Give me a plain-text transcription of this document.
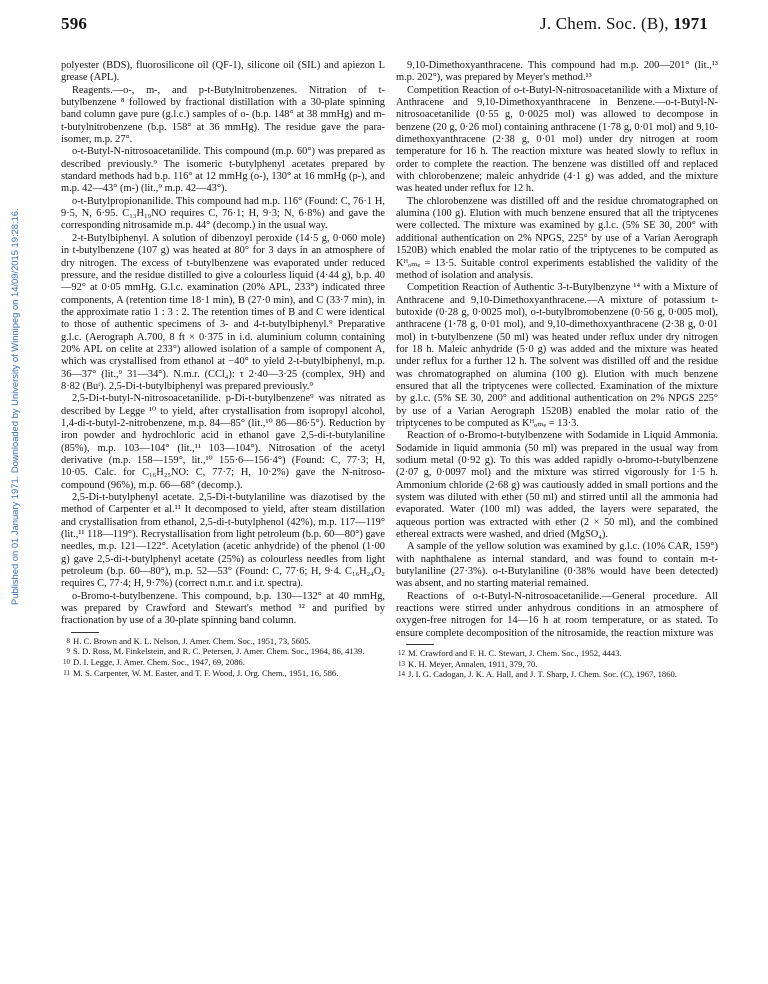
596	J. Chem. Soc. (B), 1971
Published on 01 January 1971. Downloaded by University of Winnipeg on 14/09/2015 19:28:16.

polyester (BDS), fluorosilicone oil (QF-1), silicone oil (SIL) and apiezon L grease (APL).

Reagents.—o-, m-, and p-t-Butylnitrobenzenes. Nitration of t-butylbenzene ⁸ followed by fractional distillation with a 30-plate spinning band column gave pure (g.l.c.) samples of o- (b.p. 148° at 38 mmHg) and m-t-butylnitrobenzene (b.p. 158° at 36 mmHg). The residue gave the para-isomer, m.p. 27°.

o-t-Butyl-N-nitrosoacetanilide. This compound (m.p. 60°) was prepared as described previously.⁹ The isomeric t-butylphenyl acetates prepared by standard methods had b.p. 116° at 12 mmHg (o-), 130° at 16 mmHg (p-), and m.p. 42—43° (m-) (lit.,⁹ m.p. 42—43°).

o-t-Butylpropionanilide. This compound had m.p. 116° (Found: C, 76·1 H, 9·5, N, 6·95. C₁₃H₁₉NO requires C, 76·1; H, 9·3; N, 6·8%) and gave the corresponding nitrosamide m.p. 44° (decomp.) in the usual way.

2-t-Butylbiphenyl. A solution of dibenzoyl peroxide (14·5 g, 0·060 mole) in t-butylbenzene (107 g) was heated at 80° for 3 days in an atmosphere of dry nitrogen. The excess of t-butylbenzene was evaporated under reduced pressure, and the residue distilled to give a colourless liquid (4·44 g), b.p. 40—92° at 0·05 mmHg. G.l.c. examination (20% APL, 233°) indicated three components, A (retention time 18·1 min), B (27·0 min), and C (33·7 min), in the approximate ratio 1 : 3 : 2. The retention times of B and C were identical to those of authentic specimens of 3- and 4-t-butylbiphenyl.⁹ Preparative g.l.c. (Aerograph A.700, 8 ft × 0·375 in i.d. aluminium column containing 20% APL on celite at 233°) allowed isolation of a sample of component A, which was crystallised from ethanol at −40° to yield 2-t-butylbiphenyl, m.p. 36—37° (lit.,⁹ 31—34°). N.m.r. (CCl₄): τ 2·40—3·25 (complex, 9H) and 8·82 (Buᵗ). 2,5-Di-t-butylbiphenyl was prepared previously.⁹

2,5-Di-t-butyl-N-nitrosoacetanilide. p-Di-t-butylbenzene⁹ was nitrated as described by Legge ¹⁰ to yield, after crystallisation from isopropyl alcohol, 1,4-di-t-butyl-2-nitrobenzene, m.p. 84—85° (lit.,¹⁰ 86—86·5°). Reduction by iron powder and hydrochloric acid in ethanol gave 2,5-di-t-butylaniline (85%), m.p. 103—104° (lit.,¹¹ 103—104°). Nitrosation of the acetyl derivative (m.p. 158—159°, lit.,¹⁰ 155·6—156·4°) (Found: C, 77·3; H, 10·05. Calc. for C₁₆H₂₅NO: C, 77·7; H, 10·2%) gave the N-nitroso-compound (96%), m.p. 66—68° (decomp.).

2,5-Di-t-butylphenyl acetate. 2,5-Di-t-butylaniline was diazotised by the method of Carpenter et al.¹¹ It decomposed to yield, after steam distillation and crystallisation from ethanol, 2,5-di-t-butylphenol (42%), m.p. 117—119° (lit.,¹¹ 118—119°). Recrystallisation from light petroleum (b.p. 60—80°) gave needles, m.p. 121—122°. Acetylation (acetic anhydride) of the phenol (1·00 g) gave 2,5-di-t-butylphenyl acetate (25%) as colourless needles from light petroleum (b.p. 60—80°), m.p. 52—53° (Found: C, 77·6; H, 9·4. C₁₆H₂₄O₂ requires C, 77·4; H, 9·7%) (correct n.m.r. and i.r. spectra).

o-Bromo-t-butylbenzene. This compound, b.p. 130—132° at 40 mmHg, was prepared by Crawford and Stewart's method ¹² and purified by fractionation by use of a 30-plate spinning band column.

8 H. C. Brown and K. L. Nelson, J. Amer. Chem. Soc., 1951, 73, 5605.

9 S. D. Ross, M. Finkelstein, and R. C. Petersen, J. Amer. Chem. Soc., 1964, 86, 4139.

10 D. I. Legge, J. Amer. Chem. Soc., 1947, 69, 2086.

11 M. S. Carpenter, W. M. Easter, and T. F. Wood, J. Org. Chem., 1951, 16, 586.

9,10-Dimethoxyanthracene. This compound had m.p. 200—201° (lit.,¹³ m.p. 202°), was prepared by Meyer's method.¹³

Competition Reaction of o-t-Butyl-N-nitrosoacetanilide with a Mixture of Anthracene and 9,10-Dimethoxyanthracene in Benzene.—o-t-Butyl-N-nitrosoacetanilide (0·55 g, 0·0025 mol) was allowed to decompose in benzene (20 g, 0·26 mol) containing anthracene (1·78 g, 0·01 mol) and 9,10-dimethoxyanthracene (2·38 g, 0·01 mol) under dry nitrogen at room temperature for 16 h. The reaction mixture was heated slowly to reflux in order to complete the reaction. The benzene was distilled off and replaced with chlorobenzene; maleic anhydride (4·1 g) was added, and the mixture was heated under reflux for 12 h.

The chlorobenzene was distilled off and the residue chromatographed on alumina (100 g). Elution with much benzene ensured that all the triptycenes were collected. The mixture was examined by g.l.c. (5% SE 30, 200° with additional authentication on 2% NPGS, 225° by use of a Varian Aerograph 1520B) which enabled the molar ratio of the triptycenes to be computed as Kᴴₒₘₑ = 13·5. Suitable control experiments established the validity of the method of isolation and analysis.

Competition Reaction of Authentic 3-t-Butylbenzyne ¹⁴ with a Mixture of Anthracene and 9,10-Dimethoxyanthracene.—A mixture of potassium t-butoxide (0·28 g, 0·0025 mol), o-t-butylbromobenzene (0·56 g, 0·005 mol), anthracene (1·78 g, 0·01 mol), and 9,10-dimethoxyanthracene (2·38 g, 0·01 mol) in t-butylbenzene (50 ml) was heated under reflux under dry nitrogen for 18 h. Maleic anhydride (5·0 g) was added and the mixture was heated under reflux for a further 12 h. The solvent was distilled off and the residue was chromatographed on alumina (100 g). Elution with much benzene ensured that all the triptycenes were collected. Examination of the mixture by g.l.c. (5% SE 30, 200° and additional authentication on 2% NPGS 225° by use of a Varian Aerograph 1520B) enabled the molar ratio of the triptycenes to be computed as Kᴴₒₘₑ = 13·3.

Reaction of o-Bromo-t-butylbenzene with Sodamide in Liquid Ammonia. Sodamide in liquid ammonia (50 ml) was prepared in the usual way from sodium metal (0·92 g). To this was added rapidly o-bromo-t-butylbenzene (2·07 g, 0·0097 mol) and the mixture was stirred vigorously for 1·5 h. Ammonium chloride (2·68 g) was cautiously added in small portions and the system was diluted with ether (50 ml) and stirred until all the ammonia had evaporated. Water (100 ml) was added, the layers were separated, the aqueous portion was extracted with ether (2 × 50 ml), and the combined ethereal extracts were washed, and dried (MgSO₄).

A sample of the yellow solution was examined by g.l.c. (10% CAR, 159°) with naphthalene as internal standard, and was found to contain m-t-butylaniline (27·3%). o-t-Butylaniline (0·38% would have been detected) was absent, and no starting material remained.

Reactions of o-t-Butyl-N-nitrosoacetanilide.—General procedure. All reactions were stirred under anhydrous conditions in an atmosphere of oxygen-free nitrogen for 14—16 h at room temperature, or as stated. To ensure complete decomposition of the nitrosamide, the reaction mixture was

12 M. Crawford and F. H. C. Stewart, J. Chem. Soc., 1952, 4443.

13 K. H. Meyer, Annalen, 1911, 379, 70.

14 J. I. G. Cadogan, J. K. A. Hall, and J. T. Sharp, J. Chem. Soc. (C), 1967, 1860.
